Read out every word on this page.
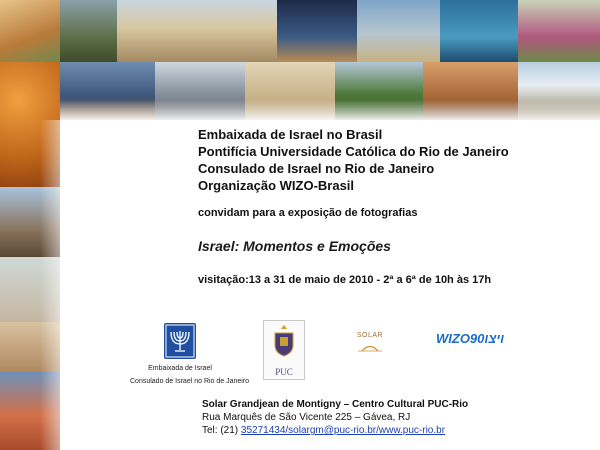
Embaixada de Israel no Brasil
Pontifícia Universidade Católica do Rio de Janeiro
Consulado de Israel no Rio de Janeiro
Organização WIZO-Brasil
convidam para a exposição de fotografias
Israel: Momentos e Emoções
visitação:13 a 31 de maio de 2010 - 2ª a 6ª de 10h às 17h
Embaixada de Israel
Consulado de Israel no Rio de Janeiro
PUC
SOLAR	WIZO90ויצו
Solar Grandjean de Montigny – Centro Cultural PUC-Rio
Rua Marquês de São Vicente 225 – Gávea, RJ
Tel: (21) 35271434/solargm@puc-rio.br/www.puc-rio.br
